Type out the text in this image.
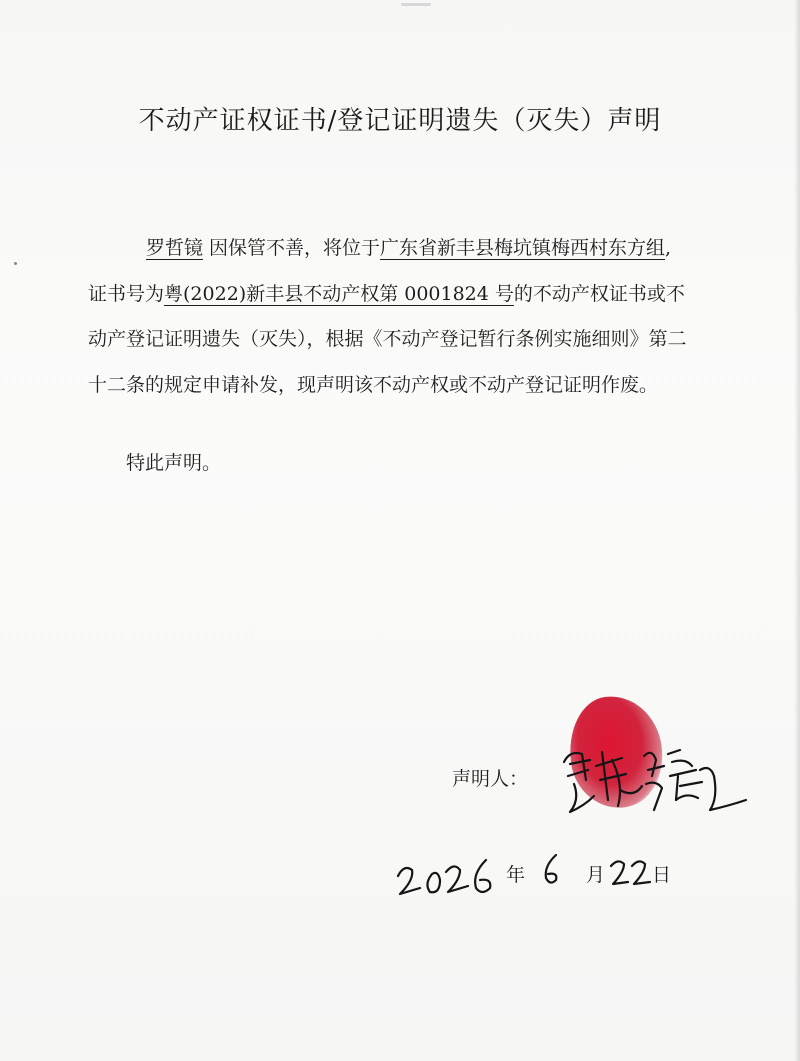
不动产证权证书/登记证明遗失（灭失）声明
罗哲镜 因保管不善，将位于广东省新丰县梅坑镇梅西村东方组,证书号为粤(2022)新丰县不动产权第 0001824 号的不动产权证书或不动产登记证明遗失（灭失），根据《不动产登记暂行条例实施细则》第二十二条的规定申请补发，现声明该不动产权或不动产登记证明作废。
特此声明。
声明人：
年	月 日
